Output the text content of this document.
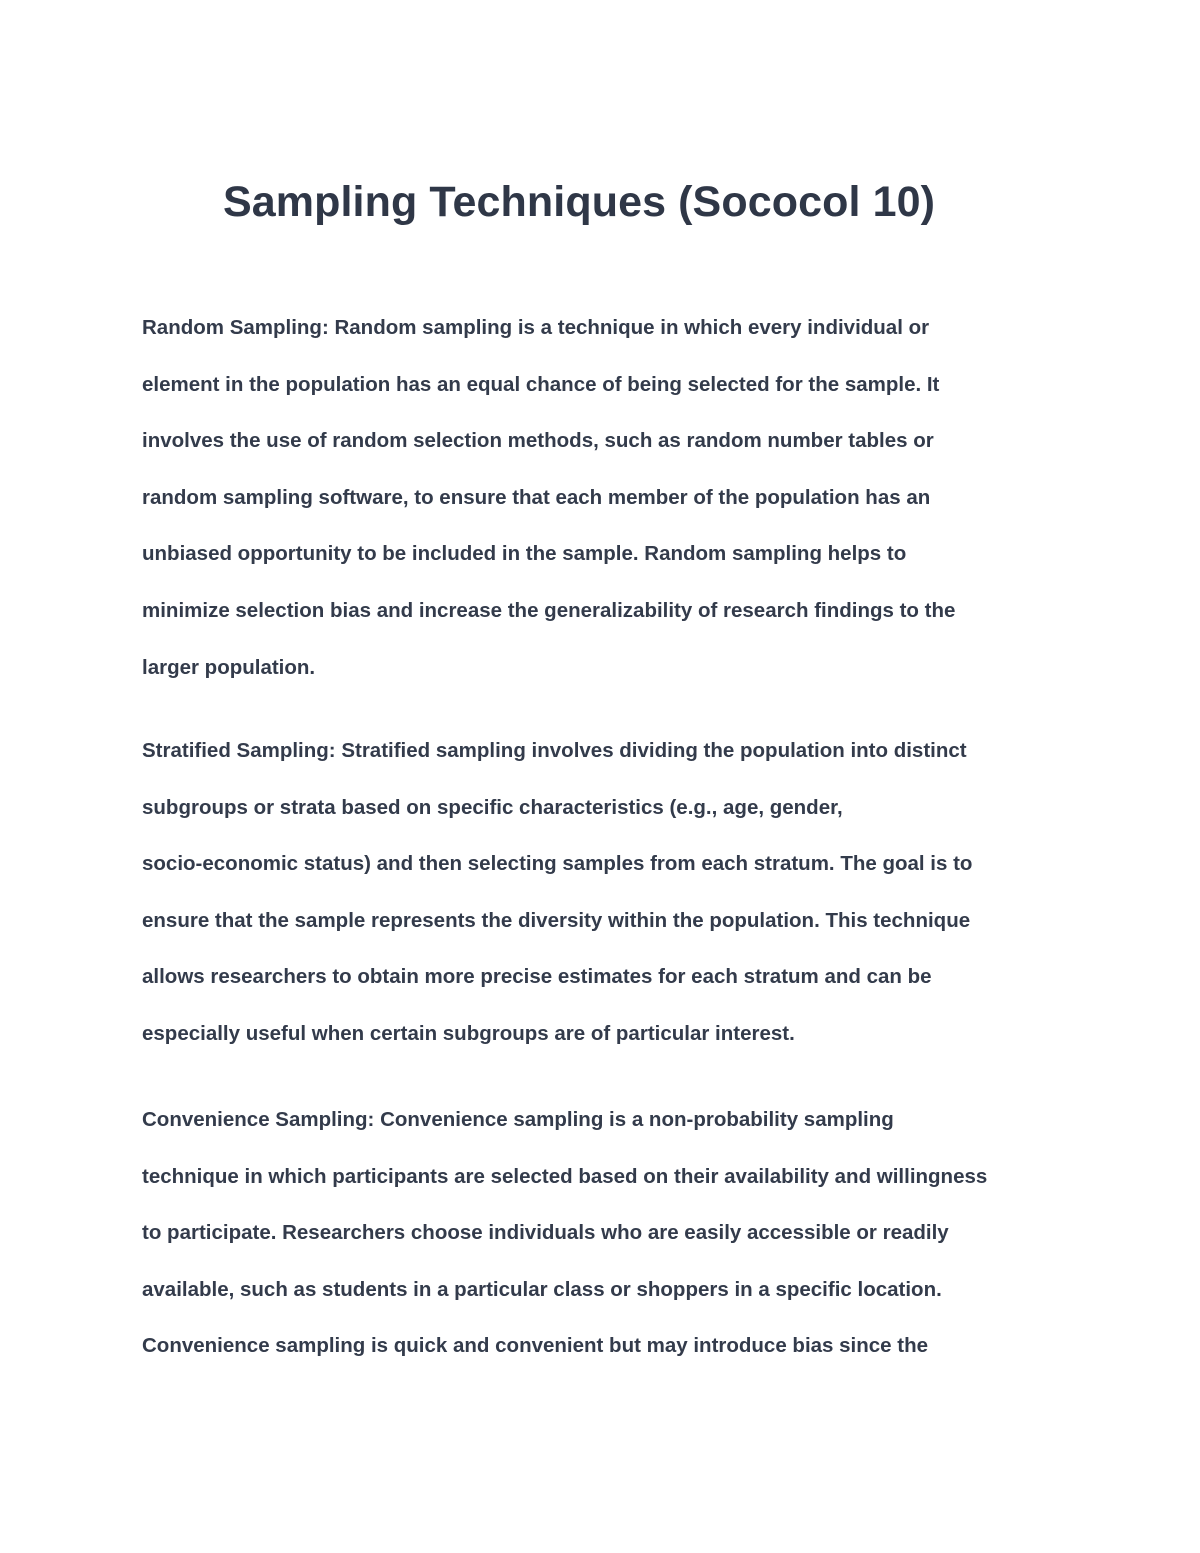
Sampling Techniques (Sococol 10)
Random Sampling: Random sampling is a technique in which every individual or
element in the population has an equal chance of being selected for the sample. It
involves the use of random selection methods, such as random number tables or
random sampling software, to ensure that each member of the population has an
unbiased opportunity to be included in the sample. Random sampling helps to
minimize selection bias and increase the generalizability of research findings to the
larger population.
Stratified Sampling: Stratified sampling involves dividing the population into distinct
subgroups or strata based on specific characteristics (e.g., age, gender,
socio-economic status) and then selecting samples from each stratum. The goal is to
ensure that the sample represents the diversity within the population. This technique
allows researchers to obtain more precise estimates for each stratum and can be
especially useful when certain subgroups are of particular interest.
Convenience Sampling: Convenience sampling is a non-probability sampling
technique in which participants are selected based on their availability and willingness
to participate. Researchers choose individuals who are easily accessible or readily
available, such as students in a particular class or shoppers in a specific location.
Convenience sampling is quick and convenient but may introduce bias since the
